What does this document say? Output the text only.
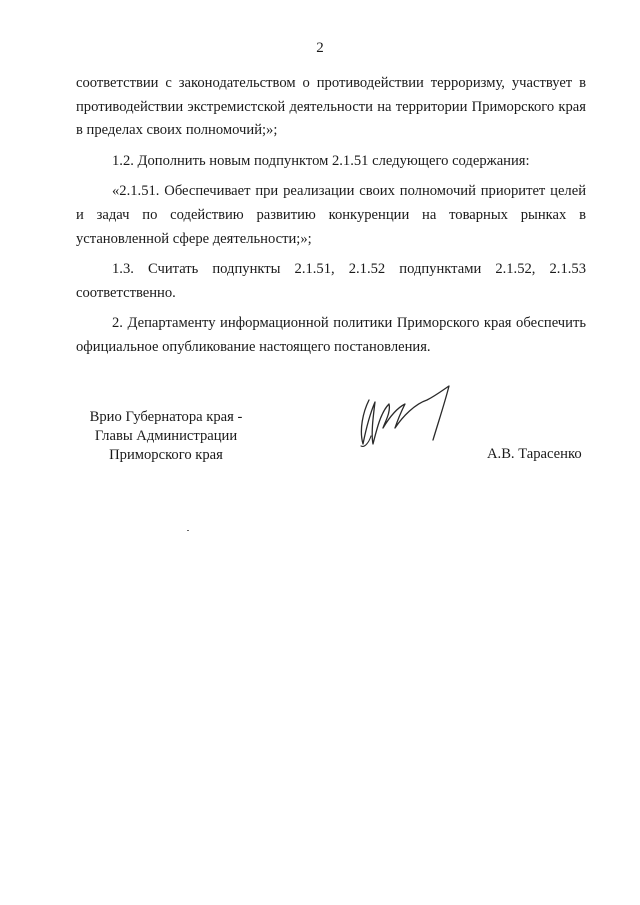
2

соответствии с законодательством о противодействии терроризму, участвует в противодействии экстремистской деятельности на территории Приморского края в пределах своих полномочий;»;

1.2. Дополнить новым подпунктом 2.1.51 следующего содержания:

«2.1.51. Обеспечивает при реализации своих полномочий приоритет целей и задач по содействию развитию конкуренции на товарных рынках в установленной сфере деятельности;»;

1.3. Считать подпункты 2.1.51, 2.1.52 подпунктами 2.1.52, 2.1.53 соответственно.

2. Департаменту информационной политики Приморского края обеспечить официальное опубликование настоящего постановления.

Врио Губернатора края -
Главы Администрации
Приморского края	А.В. Тарасенко
